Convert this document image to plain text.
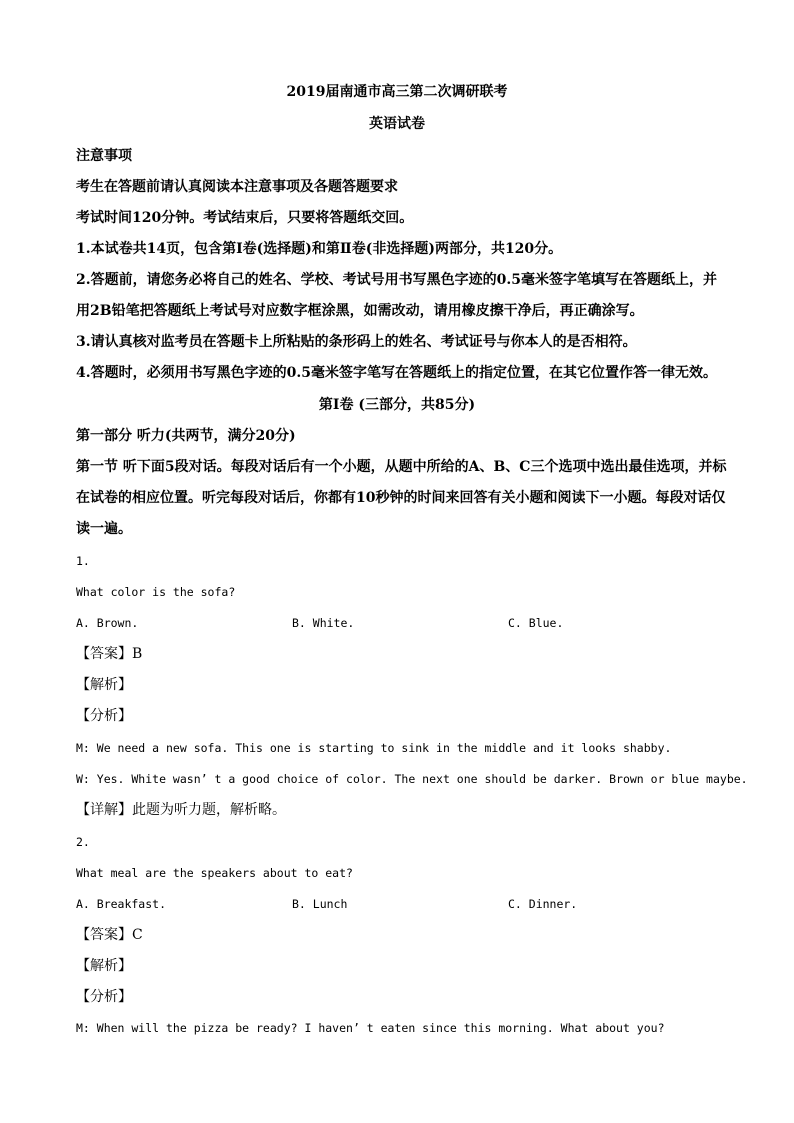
2019届南通市高三第二次调研联考
英语试卷
注意事项
考生在答题前请认真阅读本注意事项及各题答题要求
考试时间120分钟。考试结束后，只要将答题纸交回。
1.本试卷共14页，包含第Ⅰ卷(选择题)和第Ⅱ卷(非选择题)两部分，共120分。
2.答题前，请您务必将自己的姓名、学校、考试号用书写黑色字迹的0.5毫米签字笔填写在答题纸上，并
用2B铅笔把答题纸上考试号对应数字框涂黑，如需改动，请用橡皮擦干净后，再正确涂写。
3.请认真核对监考员在答题卡上所粘贴的条形码上的姓名、考试证号与你本人的是否相符。
4.答题时，必须用书写黑色字迹的0.5毫米签字笔写在答题纸上的指定位置，在其它位置作答一律无效。
第Ⅰ卷 (三部分，共85分)
第一部分 听力(共两节，满分20分)
第一节 听下面5段对话。每段对话后有一个小题，从题中所给的A、B、C三个选项中选出最佳选项，并标
在试卷的相应位置。听完每段对话后，你都有10秒钟的时间来回答有关小题和阅读下一小题。每段对话仅
读一遍。
1.
What color is the sofa?
A. Brown.	B. White.	C. Blue.
【答案】B
【解析】
【分析】
M: We need a new sofa. This one is starting to sink in the middle and it looks shabby.
W: Yes. White wasn’ t a good choice of color. The next one should be darker. Brown or blue maybe.
【详解】此题为听力题，解析略。
2.
What meal are the speakers about to eat?
A. Breakfast.	B. Lunch	C. Dinner.
【答案】C
【解析】
【分析】
M: When will the pizza be ready? I haven’ t eaten since this morning. What about you?
